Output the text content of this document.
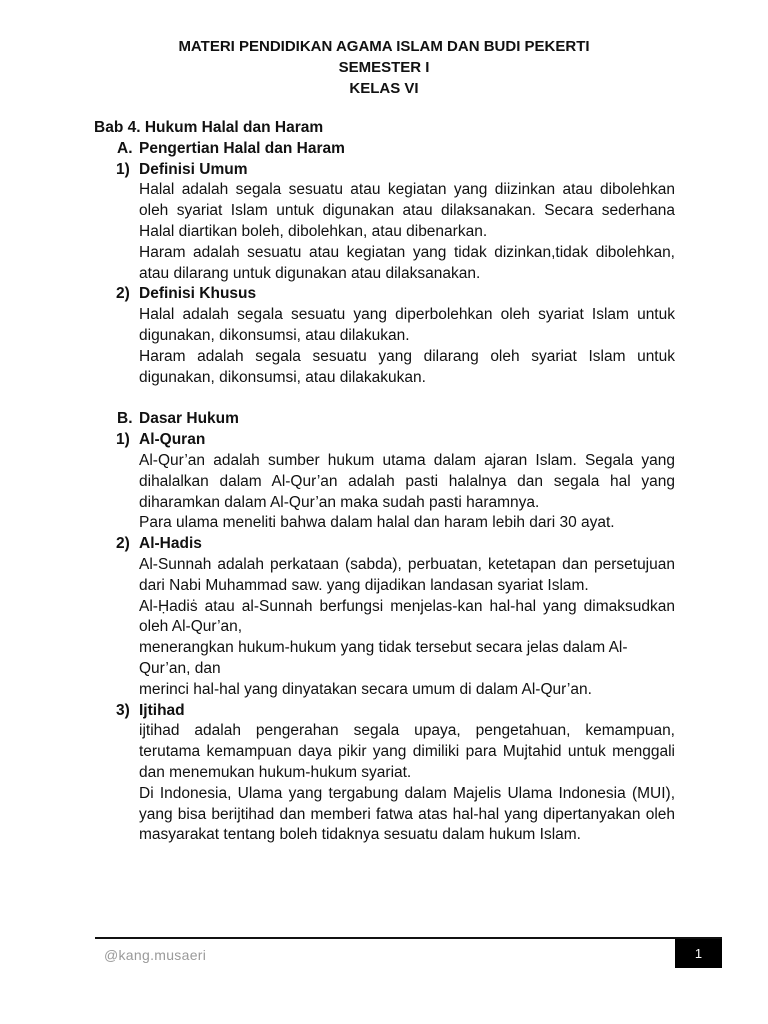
MATERI PENDIDIKAN AGAMA ISLAM DAN BUDI PEKERTI
SEMESTER I
KELAS VI

Bab 4. Hukum Halal dan Haram

A. Pengertian Halal dan Haram

1) Definisi Umum

Halal adalah segala sesuatu atau kegiatan yang diizinkan atau dibolehkan oleh syariat Islam untuk digunakan atau dilaksanakan. Secara sederhana Halal diartikan boleh, dibolehkan, atau dibenarkan.

Haram adalah sesuatu atau kegiatan yang tidak dizinkan,tidak dibolehkan, atau dilarang untuk digunakan atau dilaksanakan.

2) Definisi Khusus

Halal adalah segala sesuatu yang diperbolehkan oleh syariat Islam untuk digunakan, dikonsumsi, atau dilakukan.

Haram adalah segala sesuatu yang dilarang oleh syariat Islam untuk digunakan, dikonsumsi, atau dilakakukan.

B. Dasar Hukum

1) Al-Quran

Al-Qur’an adalah sumber hukum utama dalam ajaran Islam. Segala yang dihalalkan dalam Al-Qur’an adalah pasti halalnya dan segala hal yang diharamkan dalam Al-Qur’an maka sudah pasti haramnya.

Para ulama meneliti bahwa dalam halal dan haram lebih dari 30 ayat.

2) Al-Hadis

Al-Sunnah adalah perkataan (sabda), perbuatan, ketetapan dan persetujuan dari Nabi Muhammad saw. yang dijadikan landasan syariat Islam.

Al-Ḥadiṡ atau al-Sunnah berfungsi menjelas-kan hal-hal yang dimaksudkan oleh Al-Qur’an,

menerangkan hukum-hukum yang tidak tersebut secara jelas dalam Al-Qur’an, dan

merinci hal-hal yang dinyatakan secara umum di dalam Al-Qur’an.

3) Ijtihad

ijtihad adalah pengerahan segala upaya, pengetahuan, kemampuan, terutama kemampuan daya pikir yang dimiliki para Mujtahid untuk menggali dan menemukan hukum-hukum syariat.

Di Indonesia, Ulama yang tergabung dalam Majelis Ulama Indonesia (MUI), yang bisa berijtihad dan memberi fatwa atas hal-hal yang dipertanyakan oleh masyarakat tentang boleh tidaknya sesuatu dalam hukum Islam.

@kang.musaeri	1
